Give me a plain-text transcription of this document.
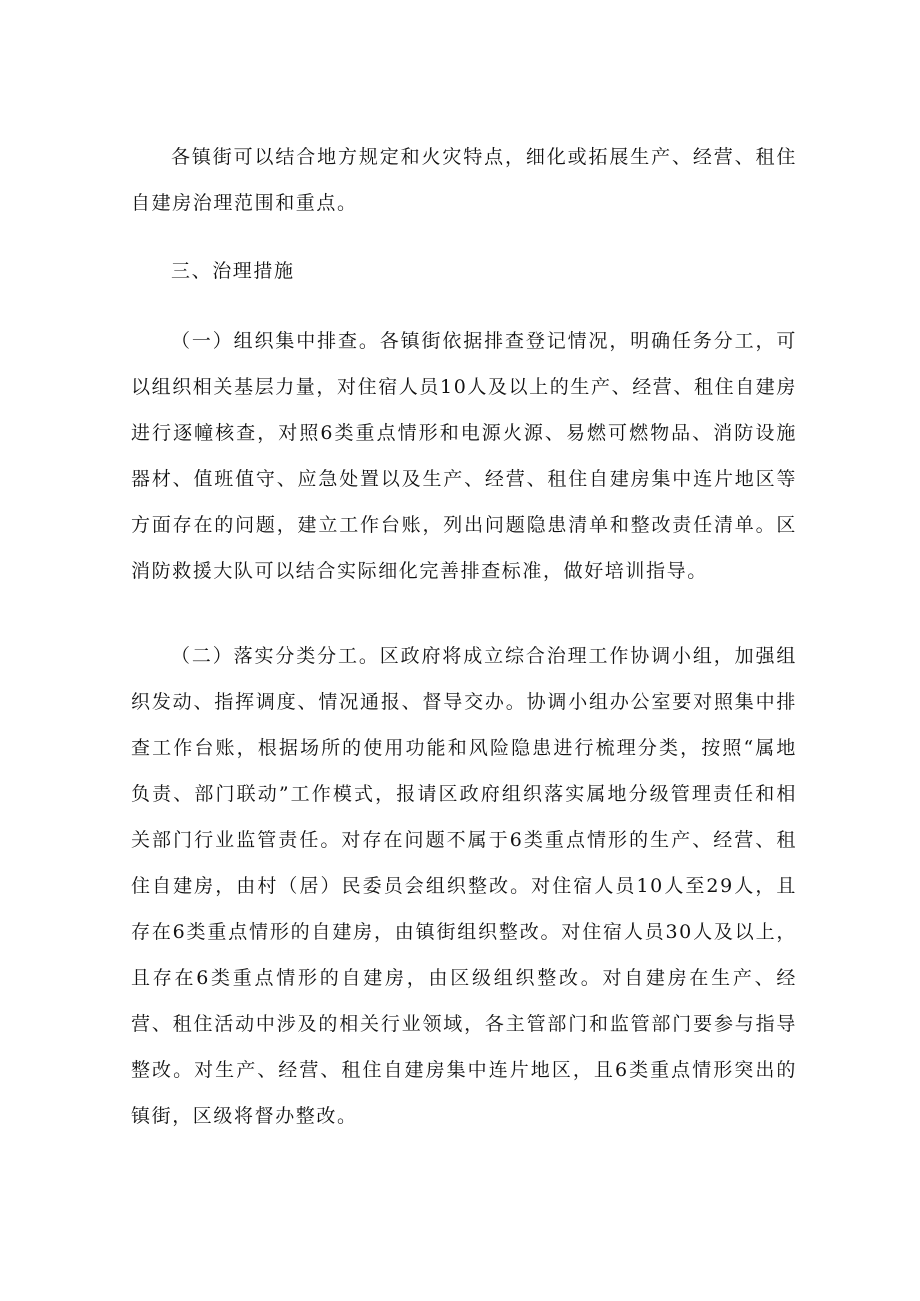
各镇街可以结合地方规定和火灾特点，细化或拓展生产、经营、租住自建房治理范围和重点。
三、治理措施
（一）组织集中排查。各镇街依据排查登记情况，明确任务分工，可以组织相关基层力量，对住宿人员10人及以上的生产、经营、租住自建房进行逐幢核查，对照6类重点情形和电源火源、易燃可燃物品、消防设施器材、值班值守、应急处置以及生产、经营、租住自建房集中连片地区等方面存在的问题，建立工作台账，列出问题隐患清单和整改责任清单。区消防救援大队可以结合实际细化完善排查标准，做好培训指导。
（二）落实分类分工。区政府将成立综合治理工作协调小组，加强组织发动、指挥调度、情况通报、督导交办。协调小组办公室要对照集中排查工作台账，根据场所的使用功能和风险隐患进行梳理分类，按照“属地负责、部门联动”工作模式，报请区政府组织落实属地分级管理责任和相关部门行业监管责任。对存在问题不属于6类重点情形的生产、经营、租住自建房，由村（居）民委员会组织整改。对住宿人员10人至29人，且存在6类重点情形的自建房，由镇街组织整改。对住宿人员30人及以上，且存在6类重点情形的自建房，由区级组织整改。对自建房在生产、经营、租住活动中涉及的相关行业领域，各主管部门和监管部门要参与指导整改。对生产、经营、租住自建房集中连片地区，且6类重点情形突出的镇街，区级将督办整改。
